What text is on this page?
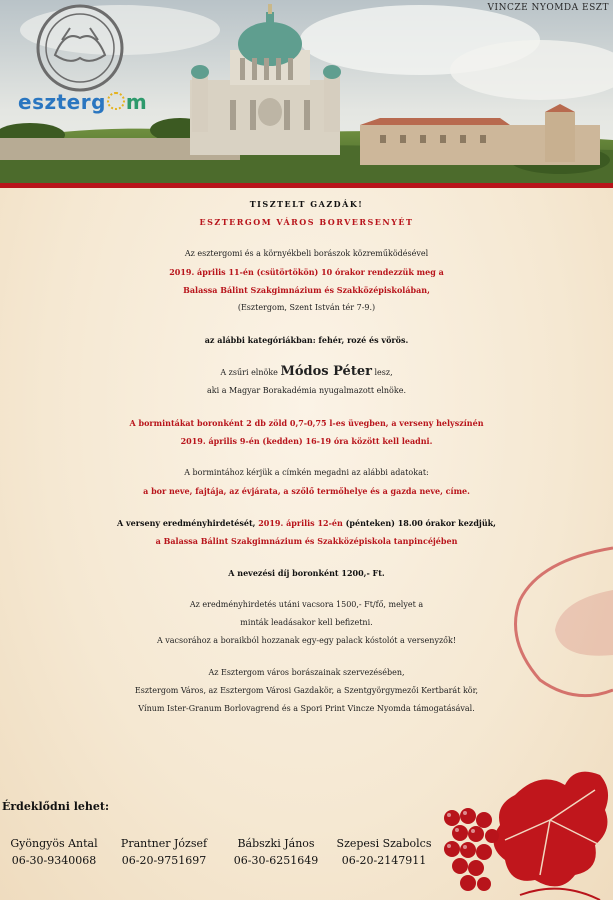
VINCZE NYOMDA ESZT
eszterg m

TISZTELT GAZDÁK!

ESZTERGOM VÁROS BORVERSENYÉT

Az esztergomi és a környékbeli borászok közreműködésével

2019. április 11-én (csütörtökön) 10 órakor rendezzük meg a

Balassa Bálint Szakgimnázium és Szakközépiskolában,

(Esztergom, Szent István tér 7-9.)

az alábbi kategóriákban: fehér, rozé és vörös.

A zsűri elnöke Módos Péter lesz,

aki a Magyar Borakadémia nyugalmazott elnöke.

A bormintákat boronként 2 db zöld 0,7-0,75 l-es üvegben, a verseny helyszínén

2019. április 9-én (kedden) 16-19 óra között kell leadni.

A bormintához kérjük a címkén megadni az alábbi adatokat:

a bor neve, fajtája, az évjárata, a szőlő termőhelye és a gazda neve, címe.

A verseny eredményhirdetését, 2019. április 12-én (pénteken) 18.00 órakor kezdjük,

a Balassa Bálint Szakgimnázium és Szakközépiskola tanpincéjében

A nevezési díj boronként 1200,- Ft.

Az eredményhirdetés utáni vacsora 1500,- Ft/fő, melyet a

minták leadásakor kell befizetni.

A vacsorához a boraikból hozzanak egy-egy palack kóstolót a versenyzők!

Az Esztergom város borászainak szervezésében,

Esztergom Város, az Esztergom Városi Gazdakör, a Szentgyörgymezői Kertbarát kör,

Vínum Ister-Granum Borlovagrend és a Spori Print Vincze Nyomda támogatásával.

Érdeklődni lehet:
Gyöngyös Antal
06-30-9340068
Prantner József
06-20-9751697
Bábszki János
06-30-6251649
Szepesi Szabolcs
06-20-2147911
